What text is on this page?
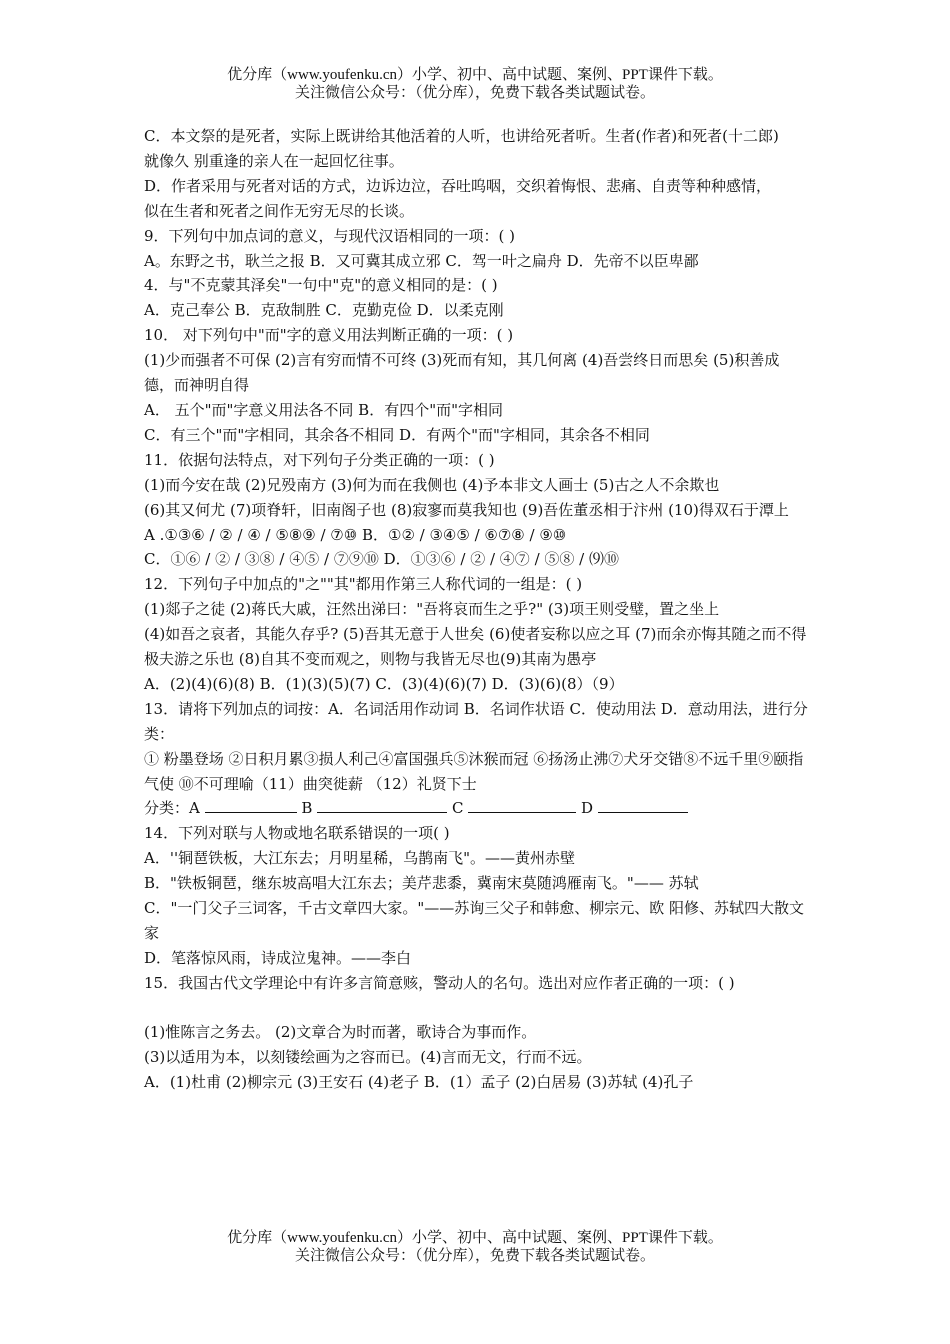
优分库（www.youfenku.cn）小学、初中、高中试题、案例、PPT课件下载。
关注微信公众号：（优分库），免费下载各类试题试卷。
C．本文祭的是死者，实际上既讲给其他活着的人听，也讲给死者听。生者(作者)和死者(十二郎)
就像久 别重逢的亲人在一起回忆往事。
D．作者采用与死者对话的方式，边诉边泣，吞吐呜咽，交织着悔恨、悲痛、自责等种种感情，
似在生者和死者之间作无穷无尽的长谈。
9．下列句中加点词的意义，与现代汉语相同的一项：( )
A。东野之书，耿兰之报 B．又可冀其成立邪 C．驾一叶之扁舟 D．先帝不以臣卑鄙
4．与"不克蒙其泽矣"一句中"克"的意义相同的是：( )
A．克己奉公 B．克敌制胜 C．克勤克俭 D．以柔克刚
10． 对下列句中"而"字的意义用法判断正确的一项：( )
(1)少而强者不可保 (2)言有穷而情不可终 (3)死而有知，其几何离 (4)吾尝终日而思矣 (5)积善成
德，而神明自得
A． 五个"而"字意义用法各不同 B．有四个"而"字相同
C．有三个"而"字相同，其余各不相同 D．有两个"而"字相同，其余各不相同
11．依据句法特点，对下列句子分类正确的一项：( )
(1)而今安在哉 (2)兄殁南方 (3)何为而在我侧也 (4)予本非文人画士 (5)古之人不余欺也
(6)其又何尤 (7)项脊轩，旧南阁子也 (8)寂寥而莫我知也 (9)吾佐董丞相于汴州 (10)得双石于潭上
A .①③⑥ / ② / ④ / ⑤⑧⑨ / ⑦⑩ B．①② / ③④⑤ / ⑥⑦⑧ / ⑨⑩
C．①⑥ / ② / ③⑧ / ④⑤ / ⑦⑨⑩ D．①③⑥ / ② / ④⑦ / ⑤⑧ / ⑼⑩
12．下列句子中加点的"之""其"都用作第三人称代词的一组是：( )
(1)郯子之徒 (2)蒋氏大戚，汪然出涕曰："吾将哀而生之乎?" (3)项王则受璧，置之坐上
(4)如吾之哀者，其能久存乎? (5)吾其无意于人世矣 (6)使者妄称以应之耳 (7)而余亦悔其随之而不得
极夫游之乐也 (8)自其不变而观之，则物与我皆无尽也(9)其南为愚亭
A．(2)(4)(6)(8) B．(1)(3)(5)(7) C．(3)(4)(6)(7) D．(3)(6)(8）（9）
13．请将下列加点的词按：A．名词活用作动词 B．名词作状语 C．使动用法 D．意动用法，进行分类：
① 粉墨登场 ②日积月累③损人利己④富国强兵⑤沐猴而冠 ⑥扬汤止沸⑦犬牙交错⑧不远千里⑨颐指气使 ⑩不可理喻（11）曲突徙薪 （12）礼贤下士
分类：A	B	C	D
14．下列对联与人物或地名联系错误的一项( )
A．''铜琶铁板，大江东去；月明星稀，乌鹊南飞"。——黄州赤壁
B．"铁板铜琶，继东坡高唱大江东去；美芹悲黍，冀南宋莫随鸿雁南飞。"—— 苏轼
C．"一门父子三词客，千古文章四大家。"——苏询三父子和韩愈、柳宗元、欧 阳修、苏轼四大散文家
D．笔落惊风雨，诗成泣鬼神。——李白
15．我国古代文学理论中有许多言简意赅，警动人的名句。选出对应作者正确的一项：( )
(1)惟陈言之务去。 (2)文章合为时而著，歌诗合为事而作。
(3)以适用为本，以刻镂绘画为之容而已。(4)言而无文，行而不远。
A．(1)杜甫 (2)柳宗元 (3)王安石 (4)老子 B．(1）孟子 (2)白居易 (3)苏轼 (4)孔子
优分库（www.youfenku.cn）小学、初中、高中试题、案例、PPT课件下载。
关注微信公众号：（优分库），免费下载各类试题试卷。
